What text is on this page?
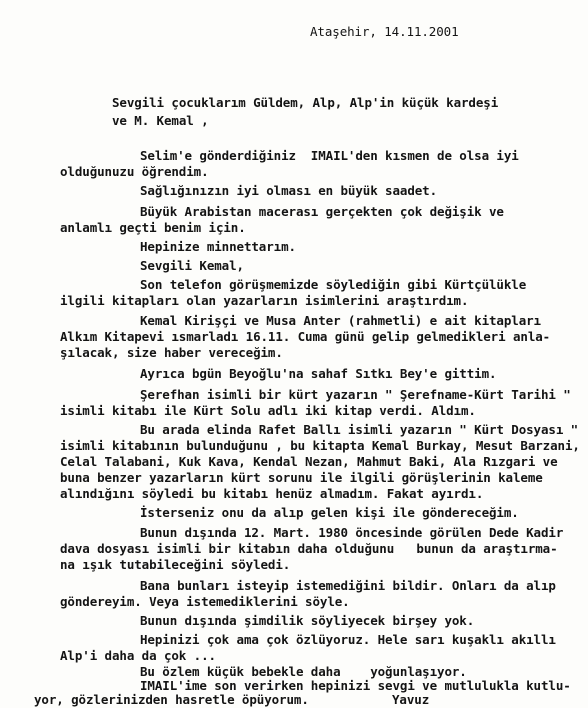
Ataşehir, 14.11.2001
Sevgili çocuklarım Güldem, Alp, Alp'in küçük kardeşi
ve M. Kemal ,
Selim'e gönderdiğiniz  IMAIL'den kısmen de olsa iyi
olduğunuzu öğrendim.
Sağlığınızın iyi olması en büyük saadet.
Büyük Arabistan macerası gerçekten çok değişik ve
anlamlı geçti benim için.
Hepinize minnettarım.
Sevgili Kemal,
Son telefon görüşmemizde söylediğin gibi Kürtçülükle
ilgili kitapları olan yazarların isimlerini araştırdım.
Kemal Kirişçi ve Musa Anter (rahmetli) e ait kitapları
Alkım Kitapevi ısmarladı 16.11. Cuma günü gelip gelmedikleri anla-
şılacak, size haber vereceğim.
Ayrıca bgün Beyoğlu'na sahaf Sıtkı Bey'e gittim.
Şerefhan isimli bir kürt yazarın " Şerefname-Kürt Tarihi "
isimli kitabı ile Kürt Solu adlı iki kitap verdi. Aldım.
Bu arada elinda Rafet Ballı isimli yazarın " Kürt Dosyası "
isimli kitabının bulunduğunu , bu kitapta Kemal Burkay, Mesut Barzani,
Celal Talabani, Kuk Kava, Kendal Nezan, Mahmut Baki, Ala Rızgari ve
buna benzer yazarların kürt sorunu ile ilgili görüşlerinin kaleme
alındığını söyledi bu kitabı henüz almadım. Fakat ayırdı.
İsterseniz onu da alıp gelen kişi ile göndereceğim.
Bunun dışında 12. Mart. 1980 öncesinde görülen Dede Kadir
dava dosyası isimli bir kitabın daha olduğunu   bunun da araştırma-
na ışık tutabileceğini söyledi.
Bana bunları isteyip istemediğini bildir. Onları da alıp
göndereyim. Veya istemediklerini söyle.
Bunun dışında şimdilik söyliyecek birşey yok.
Hepinizi çok ama çok özlüyoruz. Hele sarı kuşaklı akıllı
Alp'i daha da çok ...
Bu özlem küçük bebekle daha    yoğunlaşıyor.
IMAIL'ime son verirken hepinizi sevgi ve mutlulukla kutlu-
yor, gözlerinizden hasretle öpüyorum.	Yavuz
